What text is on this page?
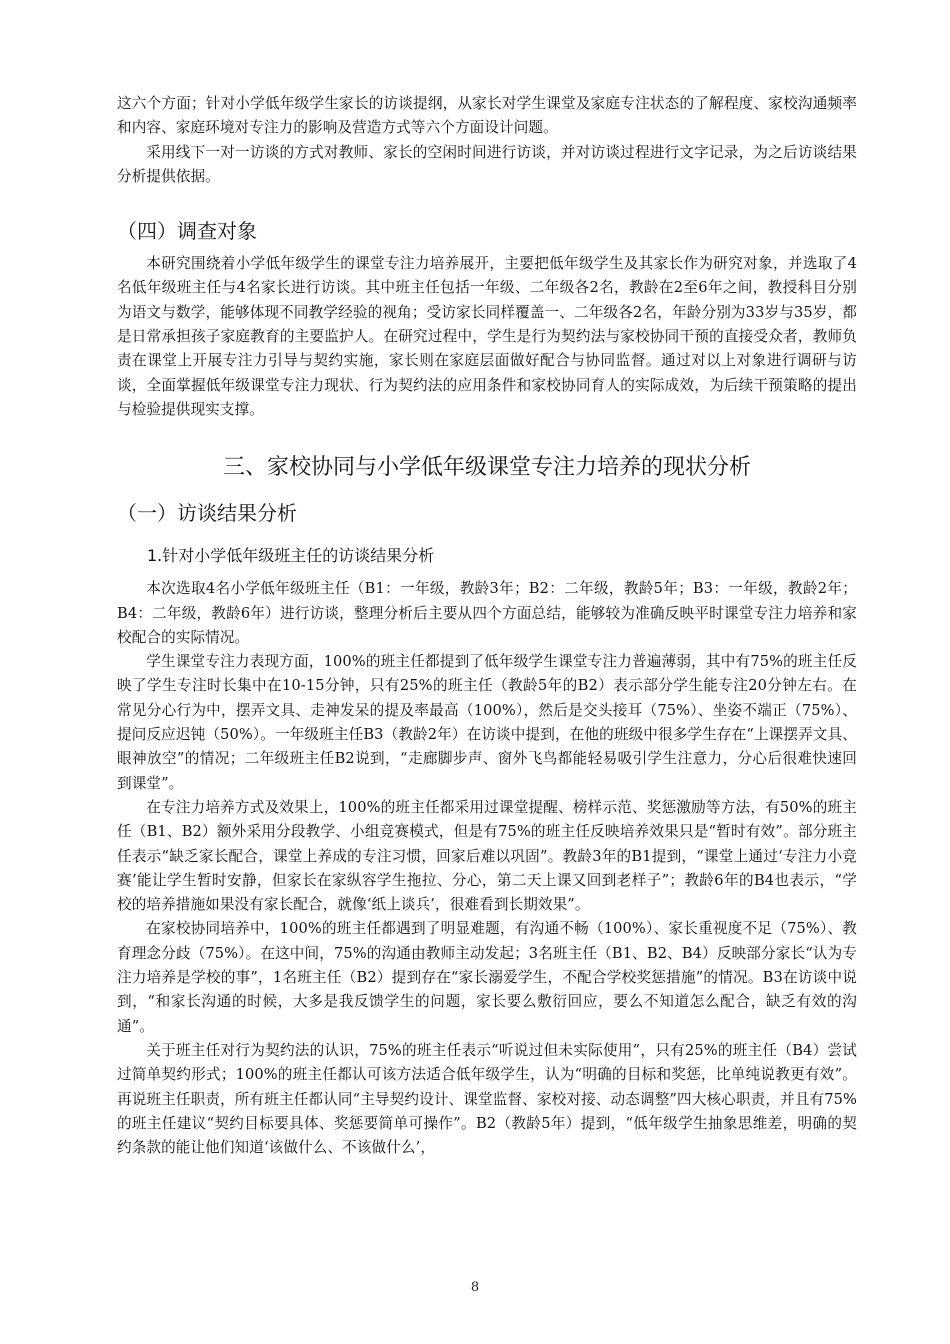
这六个方面；针对小学低年级学生家长的访谈提纲，从家长对学生课堂及家庭专注状态的了解程度、家校沟通频率和内容、家庭环境对专注力的影响及营造方式等六个方面设计问题。

采用线下一对一访谈的方式对教师、家长的空闲时间进行访谈，并对访谈过程进行文字记录，为之后访谈结果分析提供依据。

（四）调查对象

本研究围绕着小学低年级学生的课堂专注力培养展开，主要把低年级学生及其家长作为研究对象，并选取了4名低年级班主任与4名家长进行访谈。其中班主任包括一年级、二年级各2名，教龄在2至6年之间，教授科目分别为语文与数学，能够体现不同教学经验的视角；受访家长同样覆盖一、二年级各2名，年龄分别为33岁与35岁，都是日常承担孩子家庭教育的主要监护人。在研究过程中，学生是行为契约法与家校协同干预的直接受众者，教师负责在课堂上开展专注力引导与契约实施，家长则在家庭层面做好配合与协同监督。通过对以上对象进行调研与访谈，全面掌握低年级课堂专注力现状、行为契约法的应用条件和家校协同育人的实际成效，为后续干预策略的提出与检验提供现实支撑。

三、家校协同与小学低年级课堂专注力培养的现状分析
（一）访谈结果分析
1.针对小学低年级班主任的访谈结果分析

本次选取4名小学低年级班主任（B1：一年级，教龄3年；B2：二年级，教龄5年；B3：一年级，教龄2年；B4：二年级，教龄6年）进行访谈，整理分析后主要从四个方面总结，能够较为准确反映平时课堂专注力培养和家校配合的实际情况。

学生课堂专注力表现方面，100%的班主任都提到了低年级学生课堂专注力普遍薄弱，其中有75%的班主任反映了学生专注时长集中在10-15分钟，只有25%的班主任（教龄5年的B2）表示部分学生能专注20分钟左右。在常见分心行为中，摆弄文具、走神发呆的提及率最高（100%），然后是交头接耳（75%）、坐姿不端正（75%）、提问反应迟钝（50%）。一年级班主任B3（教龄2年）在访谈中提到，在他的班级中很多学生存在“上课摆弄文具、眼神放空”的情况；二年级班主任B2说到，“走廊脚步声、窗外飞鸟都能轻易吸引学生注意力，分心后很难快速回到课堂”。

在专注力培养方式及效果上，100%的班主任都采用过课堂提醒、榜样示范、奖惩激励等方法，有50%的班主任（B1、B2）额外采用分段教学、小组竞赛模式，但是有75%的班主任反映培养效果只是“暂时有效”。部分班主任表示“缺乏家长配合，课堂上养成的专注习惯，回家后难以巩固”。教龄3年的B1提到，“课堂上通过‘专注力小竞赛’能让学生暂时安静，但家长在家纵容学生拖拉、分心，第二天上课又回到老样子”；教龄6年的B4也表示，“学校的培养措施如果没有家长配合，就像‘纸上谈兵’，很难看到长期效果”。

在家校协同培养中，100%的班主任都遇到了明显难题，有沟通不畅（100%）、家长重视度不足（75%）、教育理念分歧（75%）。在这中间，75%的沟通由教师主动发起；3名班主任（B1、B2、B4）反映部分家长“认为专注力培养是学校的事”，1名班主任（B2）提到存在“家长溺爱学生，不配合学校奖惩措施”的情况。B3在访谈中说到，“和家长沟通的时候，大多是我反馈学生的问题，家长要么敷衍回应，要么不知道怎么配合，缺乏有效的沟通”。

关于班主任对行为契约法的认识，75%的班主任表示“听说过但未实际使用”，只有25%的班主任（B4）尝试过简单契约形式；100%的班主任都认可该方法适合低年级学生，认为“明确的目标和奖惩，比单纯说教更有效”。再说班主任职责，所有班主任都认同“主导契约设计、课堂监督、家校对接、动态调整”四大核心职责，并且有75%的班主任建议“契约目标要具体、奖惩要简单可操作”。B2（教龄5年）提到，“低年级学生抽象思维差，明确的契约条款的能让他们知道‘该做什么、不该做什么’，

8
